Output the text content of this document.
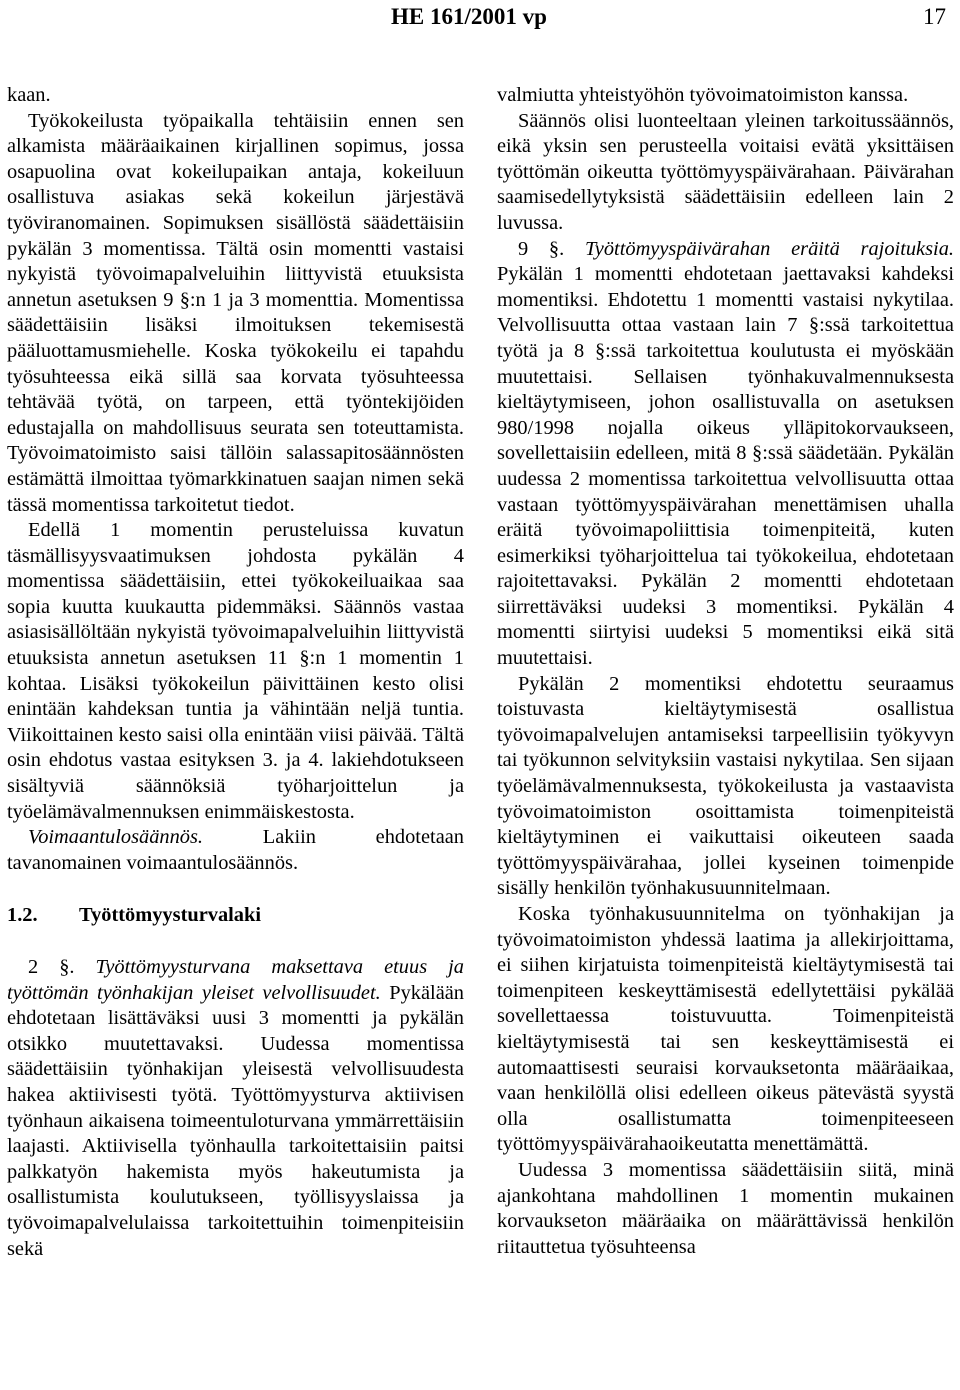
HE 161/2001 vp	17

kaan.

Työkokeilusta työpaikalla tehtäisiin ennen sen alkamista määräaikainen kirjallinen sopimus, jossa osapuolina ovat kokeilupaikan antaja, kokeiluun osallistuva asiakas sekä kokeilun järjestävä työviranomainen. Sopimuksen sisällöstä säädettäisiin pykälän 3 momentissa. Tältä osin momentti vastaisi nykyistä työvoimapalveluihin liittyvistä etuuksista annetun asetuksen 9 §:n 1 ja 3 momenttia. Momentissa säädettäisiin lisäksi ilmoituksen tekemisestä pääluottamusmiehelle. Koska työkokeilu ei tapahdu työsuhteessa eikä sillä saa korvata työsuhteessa tehtävää työtä, on tarpeen, että työntekijöiden edustajalla on mahdollisuus seurata sen toteuttamista. Työvoimatoimisto saisi tällöin salassapitosäännösten estämättä ilmoittaa työmarkkinatuen saajan nimen sekä tässä momentissa tarkoitetut tiedot.

Edellä 1 momentin perusteluissa kuvatun täsmällisyysvaatimuksen johdosta pykälän 4 momentissa säädettäisiin, ettei työkokeiluaikaa saa sopia kuutta kuukautta pidemmäksi. Säännös vastaa asiasisällöltään nykyistä työvoimapalveluihin liittyvistä etuuksista annetun asetuksen 11 §:n 1 momentin 1 kohtaa. Lisäksi työkokeilun päivittäinen kesto olisi enintään kahdeksan tuntia ja vähintään neljä tuntia. Viikoittainen kesto saisi olla enintään viisi päivää. Tältä osin ehdotus vastaa esityksen 3. ja 4. lakiehdotukseen sisältyviä säännöksiä työharjoittelun ja työelämävalmennuksen enimmäiskestosta.

Voimaantulosäännös. Lakiin ehdotetaan tavanomainen voimaantulosäännös.

1.2. Työttömyysturvalaki

2 §. Työttömyysturvana maksettava etuus ja työttömän työnhakijan yleiset velvollisuudet. Pykälään ehdotetaan lisättäväksi uusi 3 momentti ja pykälän otsikko muutettavaksi. Uudessa momentissa säädettäisiin työnhakijan yleisestä velvollisuudesta hakea aktiivisesti työtä. Työttömyysturva aktiivisen työnhaun aikaisena toimeentuloturvana ymmärrettäisiin laajasti. Aktiivisella työnhaulla tarkoitettaisiin paitsi palkkatyön hakemista myös hakeutumista ja osallistumista koulutukseen, työllisyyslaissa ja työvoimapalvelulaissa tarkoitettuihin toimenpiteisiin sekä

valmiutta yhteistyöhön työvoimatoimiston kanssa.

Säännös olisi luonteeltaan yleinen tarkoitussäännös, eikä yksin sen perusteella voitaisi evätä yksittäisen työttömän oikeutta työttömyyspäivärahaan. Päivärahan saamisedellytyksistä säädettäisiin edelleen lain 2 luvussa.

9 §. Työttömyyspäivärahan eräitä rajoituksia. Pykälän 1 momentti ehdotetaan jaettavaksi kahdeksi momentiksi. Ehdotettu 1 momentti vastaisi nykytilaa. Velvollisuutta ottaa vastaan lain 7 §:ssä tarkoitettua työtä ja 8 §:ssä tarkoitettua koulutusta ei myöskään muutettaisi. Sellaisen työnhakuvalmennuksesta kieltäytymiseen, johon osallistuvalla on asetuksen 980/1998 nojalla oikeus ylläpitokorvaukseen, sovellettaisiin edelleen, mitä 8 §:ssä säädetään. Pykälän uudessa 2 momentissa tarkoitettua velvollisuutta ottaa vastaan työttömyyspäivärahan menettämisen uhalla eräitä työvoimapoliittisia toimenpiteitä, kuten esimerkiksi työharjoittelua tai työkokeilua, ehdotetaan rajoitettavaksi. Pykälän 2 momentti ehdotetaan siirrettäväksi uudeksi 3 momentiksi. Pykälän 4 momentti siirtyisi uudeksi 5 momentiksi eikä sitä muutettaisi.

Pykälän 2 momentiksi ehdotettu seuraamus toistuvasta kieltäytymisestä osallistua työvoimapalvelujen antamiseksi tarpeellisiin työkyvyn tai työkunnon selvityksiin vastaisi nykytilaa. Sen sijaan työelämävalmennuksesta, työkokeilusta ja vastaavista työvoimatoimiston osoittamista toimenpiteistä kieltäytyminen ei vaikuttaisi oikeuteen saada työttömyyspäivärahaa, jollei kyseinen toimenpide sisälly henkilön työnhakusuunnitelmaan.

Koska työnhakusuunnitelma on työnhakijan ja työvoimatoimiston yhdessä laatima ja allekirjoittama, ei siihen kirjatuista toimenpiteistä kieltäytymisestä tai toimenpiteen keskeyttämisestä edellytettäisi pykälää sovellettaessa toistuvuutta. Toimenpiteistä kieltäytymisestä tai sen keskeyttämisestä ei automaattisesti seuraisi korvauksetonta määräaikaa, vaan henkilöllä olisi edelleen oikeus pätevästä syystä olla osallistumatta toimenpiteeseen työttömyyspäivärahaoikeutatta menettämättä.

Uudessa 3 momentissa säädettäisiin siitä, minä ajankohtana mahdollinen 1 momentin mukainen korvaukseton määräaika on määrättävissä henkilön riitauttetua työsuhteensa
